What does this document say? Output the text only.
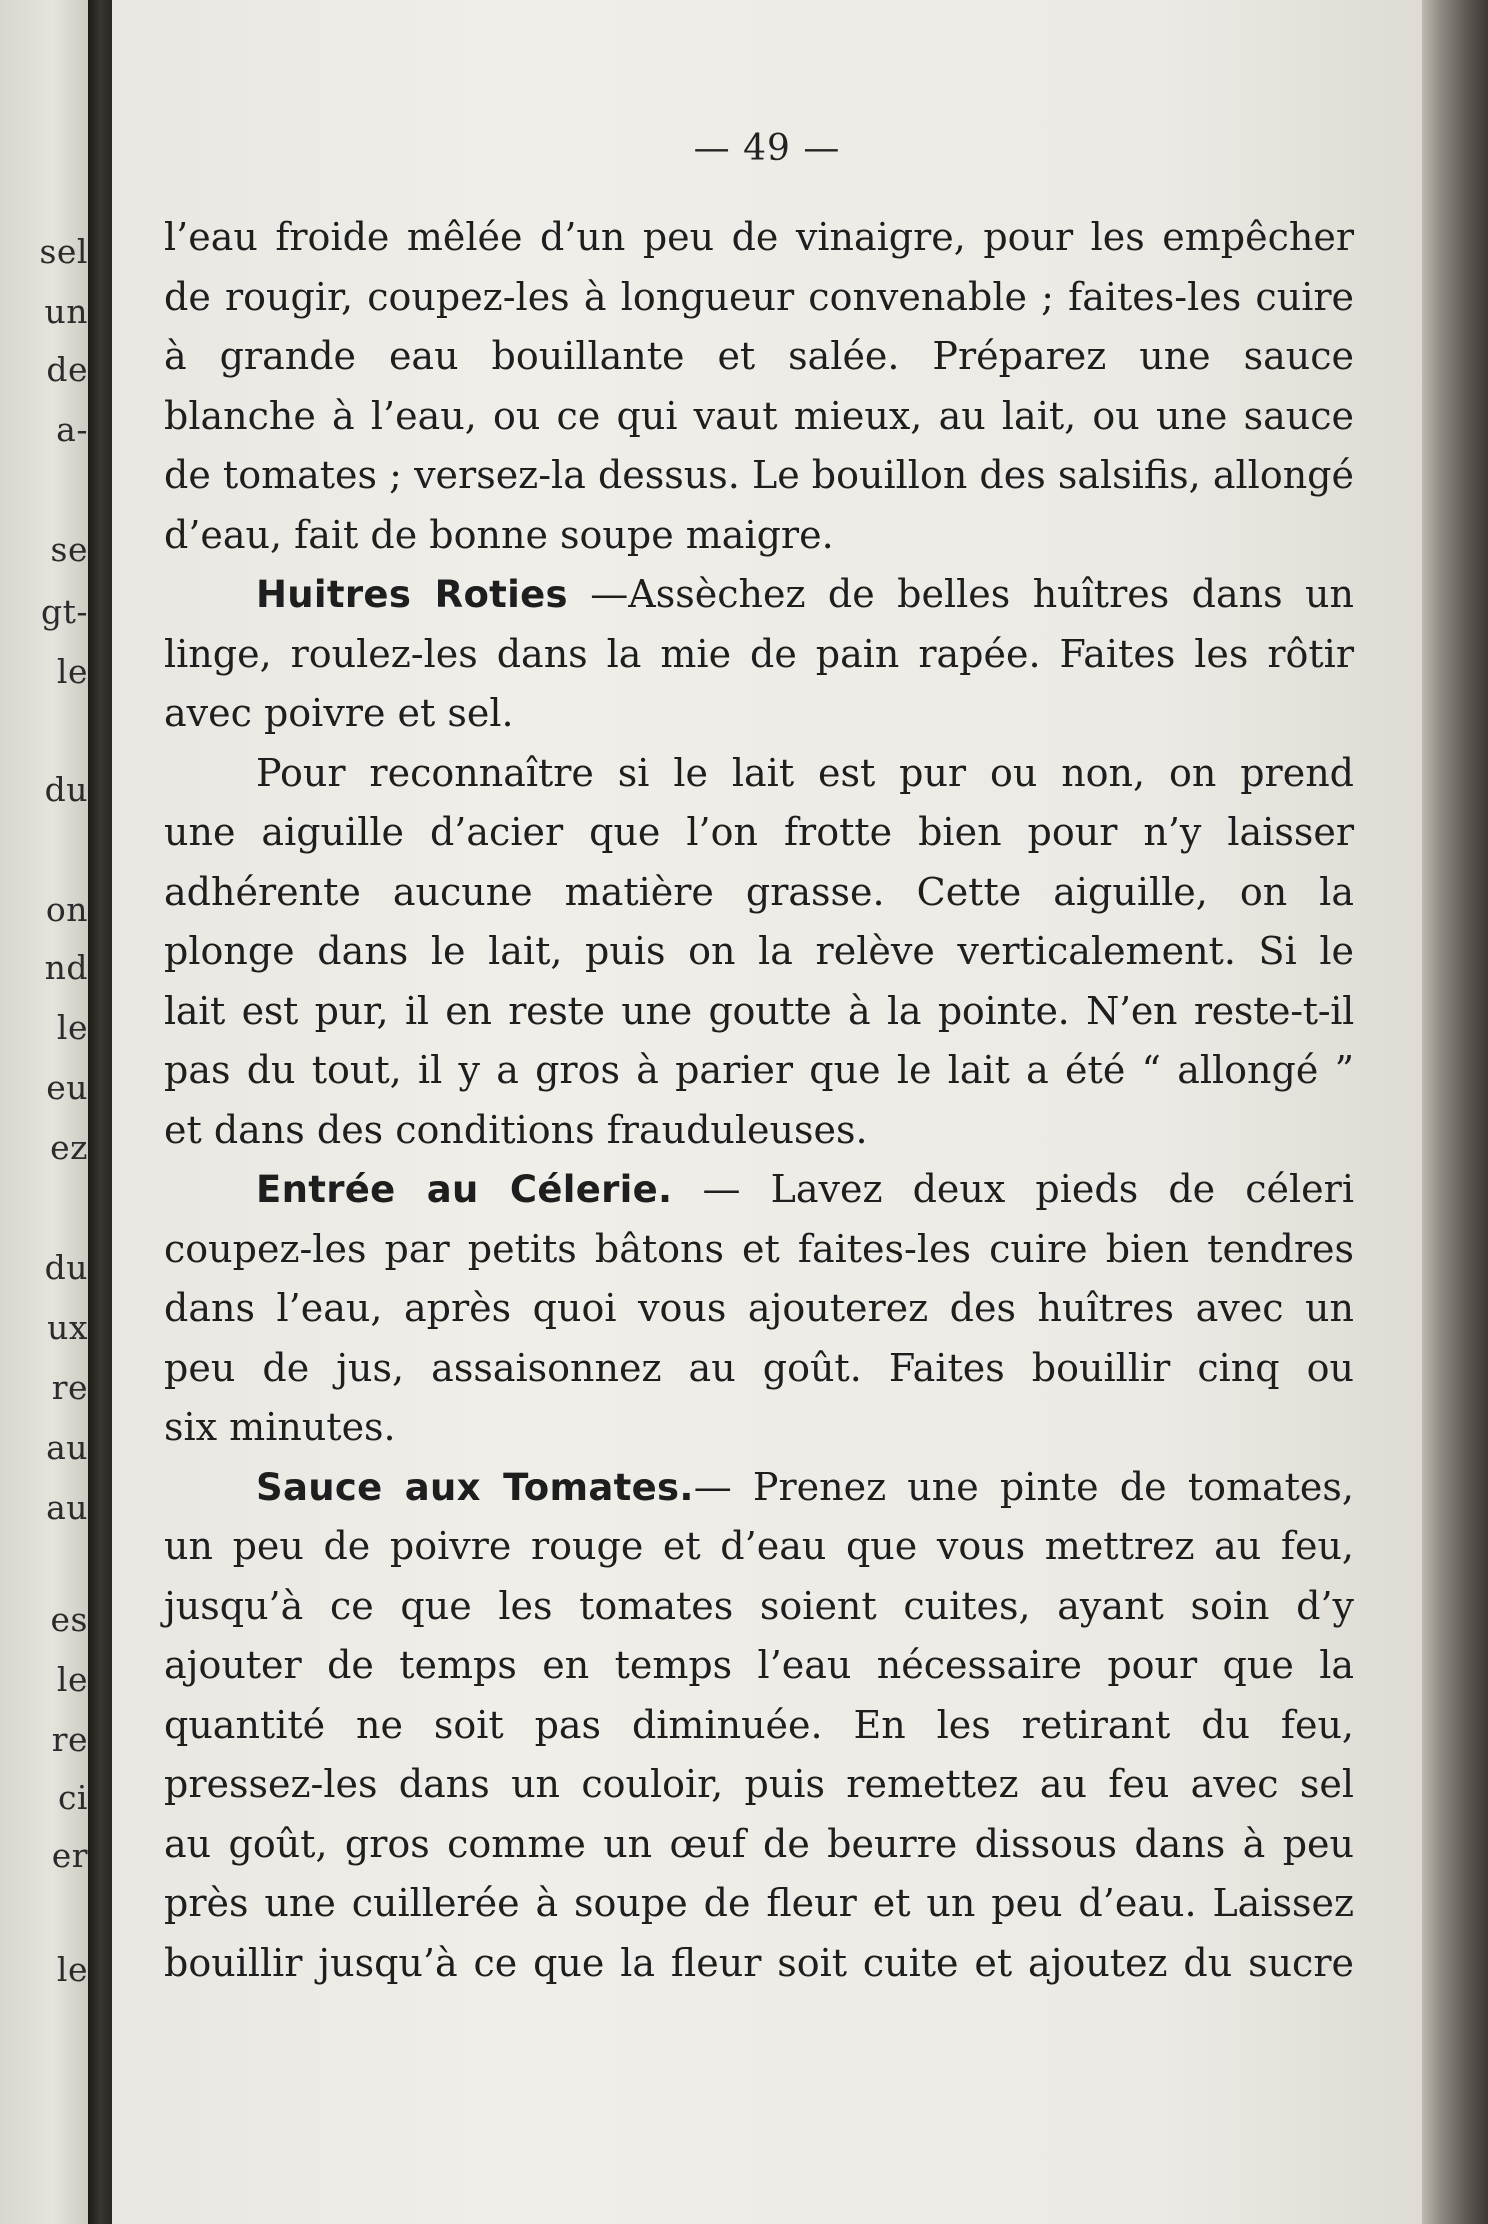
sel
un
de
a-
se
gt-
le
du
on
nd
le
eu
ez
du
ux
re
au
au
es
le
re
ci
er
le
— 49 —
l’eau froide mêlée d’un peu de vinaigre, pour les empêcher
de rougir, coupez-les à longueur convenable ; faites-les cuire
à grande eau bouillante et salée. Préparez une sauce
blanche à l’eau, ou ce qui vaut mieux, au lait, ou une sauce
de tomates ; versez-la dessus. Le bouillon des salsifis, allongé
d’eau, fait de bonne soupe maigre.
Huitres Roties —Assèchez de belles huîtres dans un
linge, roulez-les dans la mie de pain rapée. Faites les rôtir
avec poivre et sel.
Pour reconnaître si le lait est pur ou non, on prend
une aiguille d’acier que l’on frotte bien pour n’y laisser
adhérente aucune matière grasse. Cette aiguille, on la
plonge dans le lait, puis on la relève verticalement. Si le
lait est pur, il en reste une goutte à la pointe. N’en reste-t-il
pas du tout, il y a gros à parier que le lait a été “ allongé ”
et dans des conditions frauduleuses.
Entrée au Célerie. — Lavez deux pieds de céleri
coupez-les par petits bâtons et faites-les cuire bien tendres
dans l’eau, après quoi vous ajouterez des huîtres avec un
peu de jus, assaisonnez au goût. Faites bouillir cinq ou
six minutes.
Sauce aux Tomates.— Prenez une pinte de tomates,
un peu de poivre rouge et d’eau que vous mettrez au feu,
jusqu’à ce que les tomates soient cuites, ayant soin d’y
ajouter de temps en temps l’eau nécessaire pour que la
quantité ne soit pas diminuée. En les retirant du feu,
pressez-les dans un couloir, puis remettez au feu avec sel
au goût, gros comme un œuf de beurre dissous dans à peu
près une cuillerée à soupe de fleur et un peu d’eau. Laissez
bouillir jusqu’à ce que la fleur soit cuite et ajoutez du sucre
